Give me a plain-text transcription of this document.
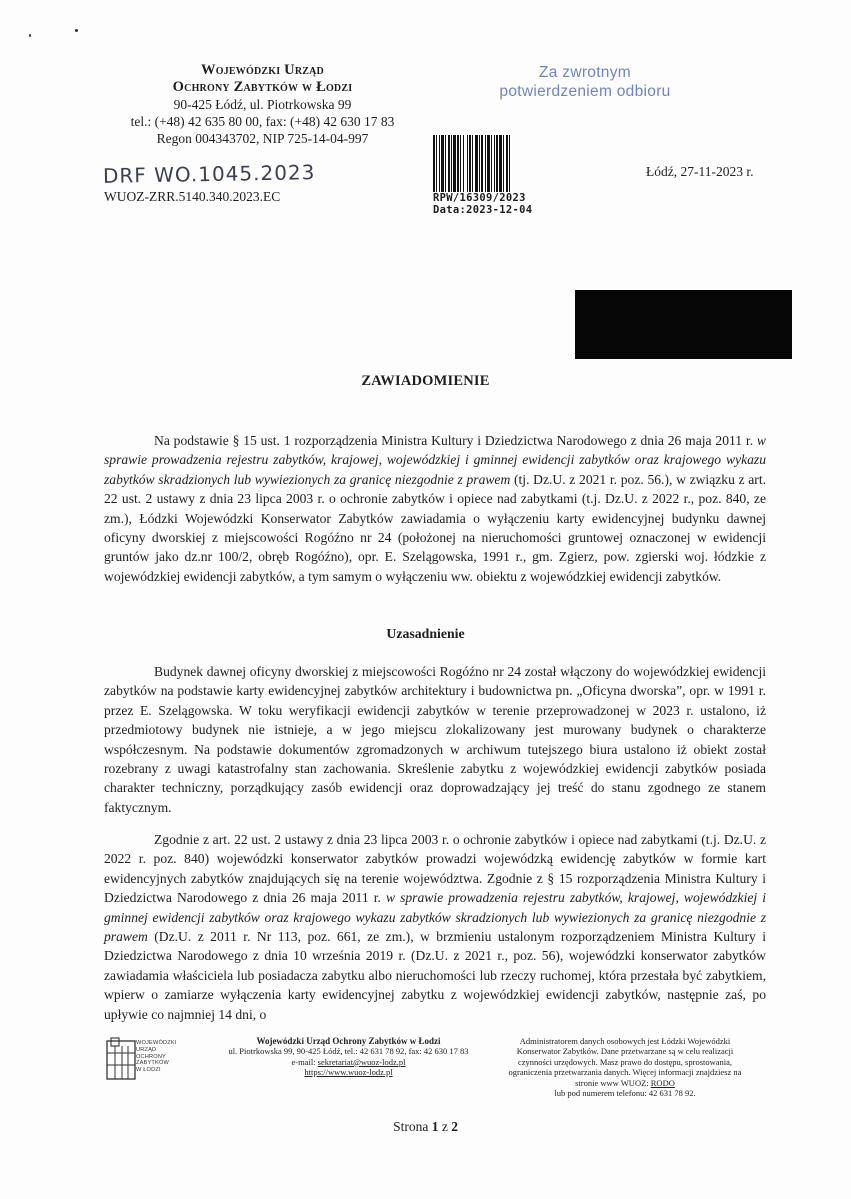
Wojewódzki Urząd
Ochrony Zabytków w Łodzi
90-425 Łódź, ul. Piotrkowska 99
tel.: (+48) 42 635 80 00, fax: (+48) 42 630 17 83
Regon 004343702, NIP 725-14-04-997
Za zwrotnym
potwierdzeniem odbioru
RPW/16309/2023
Data:2023-12-04
DRF WO.1045.2023
WUOZ-ZRR.5140.340.2023.EC
Łódź, 27-11-2023 r.
ZAWIADOMIENIE
Na podstawie § 15 ust. 1 rozporządzenia Ministra Kultury i Dziedzictwa Narodowego z dnia 26 maja 2011 r. w sprawie prowadzenia rejestru zabytków, krajowej, wojewódzkiej i gminnej ewidencji zabytków oraz krajowego wykazu zabytków skradzionych lub wywiezionych za granicę niezgodnie z prawem (tj. Dz.U. z 2021 r. poz. 56.), w związku z art. 22 ust. 2 ustawy z dnia 23 lipca 2003 r. o ochronie zabytków i opiece nad zabytkami (t.j. Dz.U. z 2022 r., poz. 840, ze zm.), Łódzki Wojewódzki Konserwator Zabytków zawiadamia o wyłączeniu karty ewidencyjnej budynku dawnej oficyny dworskiej z miejscowości Rogóźno nr 24 (położonej na nieruchomości gruntowej oznaczonej w ewidencji gruntów jako dz.nr 100/2, obręb Rogóźno), opr. E. Szelągowska, 1991 r., gm. Zgierz, pow. zgierski woj. łódzkie z wojewódzkiej ewidencji zabytków, a tym samym o wyłączeniu ww. obiektu z wojewódzkiej ewidencji zabytków.
Uzasadnienie
Budynek dawnej oficyny dworskiej z miejscowości Rogóźno nr 24 został włączony do wojewódzkiej ewidencji zabytków na podstawie karty ewidencyjnej zabytków architektury i budownictwa pn. „Oficyna dworska”, opr. w 1991 r. przez E. Szelągowska. W toku weryfikacji ewidencji zabytków w terenie przeprowadzonej w 2023 r. ustalono, iż przedmiotowy budynek nie istnieje, a w jego miejscu zlokalizowany jest murowany budynek o charakterze współczesnym. Na podstawie dokumentów zgromadzonych w archiwum tutejszego biura ustalono iż obiekt został rozebrany z uwagi katastrofalny stan zachowania. Skreślenie zabytku z wojewódzkiej ewidencji zabytków posiada charakter techniczny, porządkujący zasób ewidencji oraz doprowadzający jej treść do stanu zgodnego ze stanem faktycznym.
Zgodnie z art. 22 ust. 2 ustawy z dnia 23 lipca 2003 r. o ochronie zabytków i opiece nad zabytkami (t.j. Dz.U. z 2022 r. poz. 840) wojewódzki konserwator zabytków prowadzi wojewódzką ewidencję zabytków w formie kart ewidencyjnych zabytków znajdujących się na terenie województwa. Zgodnie z § 15 rozporządzenia Ministra Kultury i Dziedzictwa Narodowego z dnia 26 maja 2011 r. w sprawie prowadzenia rejestru zabytków, krajowej, wojewódzkiej i gminnej ewidencji zabytków oraz krajowego wykazu zabytków skradzionych lub wywiezionych za granicę niezgodnie z prawem (Dz.U. z 2011 r. Nr 113, poz. 661, ze zm.), w brzmieniu ustalonym rozporządzeniem Ministra Kultury i Dziedzictwa Narodowego z dnia 10 września 2019 r. (Dz.U. z 2021 r., poz. 56), wojewódzki konserwator zabytków zawiadamia właściciela lub posiadacza zabytku albo nieruchomości lub rzeczy ruchomej, która przestała być zabytkiem, wpierw o zamiarze wyłączenia karty ewidencyjnej zabytku z wojewódzkiej ewidencji zabytków, następnie zaś, po upływie co najmniej 14 dni, o
WOJEWÓDZKI
URZĄD
OCHRONY
ZABYTKÓW
W ŁODZI
Wojewódzki Urząd Ochrony Zabytków w Łodzi
ul. Piotrkowska 99, 90-425 Łódź, tel.: 42 631 78 92, fax: 42 630 17 83
e-mail: sekretariat@wuoz-lodz.pl
https://www.wuoz-lodz.pl
Administratorem danych osobowych jest Łódzki Wojewódzki Konserwator Zabytków. Dane przetwarzane są w celu realizacji czynności urzędowych. Masz prawo do dostępu, sprostowania, ograniczenia przetwarzania danych. Więcej informacji znajdziesz na stronie www WUOZ: RODO
lub pod numerem telefonu: 42 631 78 92.
Strona 1 z 2
